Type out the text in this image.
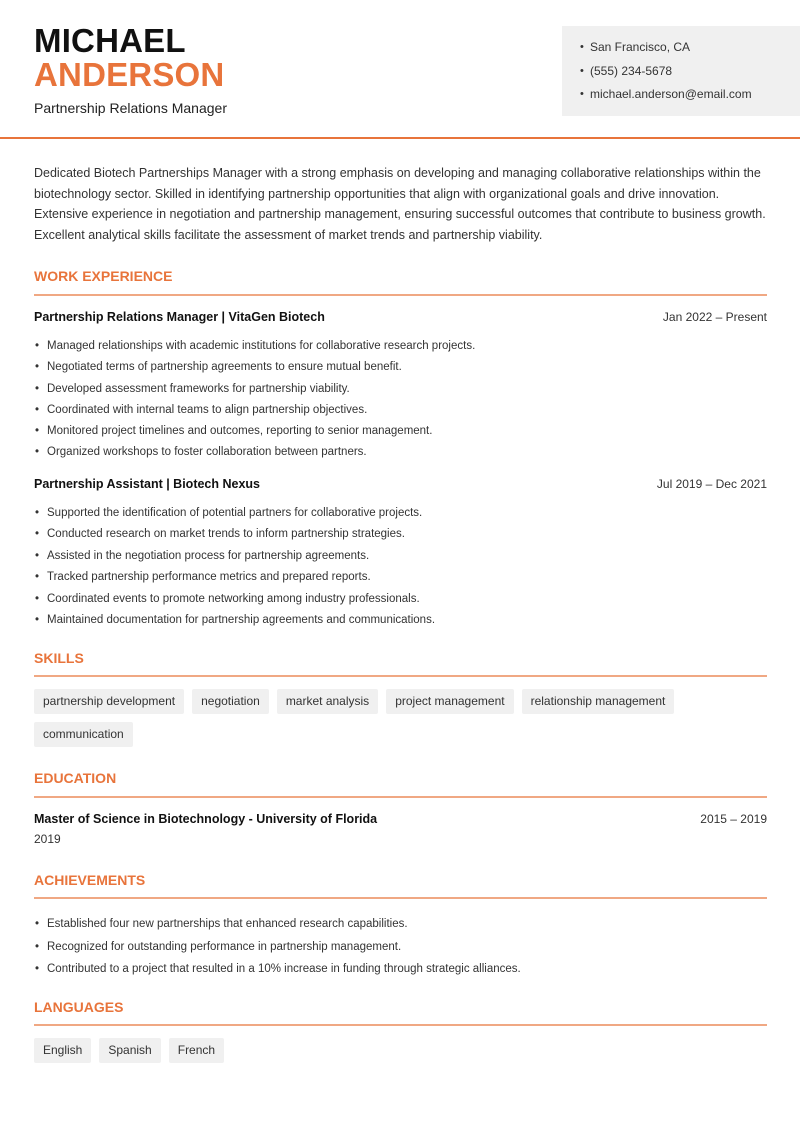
MICHAEL
ANDERSON
Partnership Relations Manager
• San Francisco, CA
• (555) 234-5678
• michael.anderson@email.com
Dedicated Biotech Partnerships Manager with a strong emphasis on developing and managing collaborative relationships within the biotechnology sector. Skilled in identifying partnership opportunities that align with organizational goals and drive innovation. Extensive experience in negotiation and partnership management, ensuring successful outcomes that contribute to business growth. Excellent analytical skills facilitate the assessment of market trends and partnership viability.
WORK EXPERIENCE
Partnership Relations Manager | VitaGen Biotech	Jan 2022 – Present
• Managed relationships with academic institutions for collaborative research projects.
• Negotiated terms of partnership agreements to ensure mutual benefit.
• Developed assessment frameworks for partnership viability.
• Coordinated with internal teams to align partnership objectives.
• Monitored project timelines and outcomes, reporting to senior management.
• Organized workshops to foster collaboration between partners.
Partnership Assistant | Biotech Nexus	Jul 2019 – Dec 2021
• Supported the identification of potential partners for collaborative projects.
• Conducted research on market trends to inform partnership strategies.
• Assisted in the negotiation process for partnership agreements.
• Tracked partnership performance metrics and prepared reports.
• Coordinated events to promote networking among industry professionals.
• Maintained documentation for partnership agreements and communications.
SKILLS
partnership development	negotiation	market analysis	project management	relationship management
communication
EDUCATION
Master of Science in Biotechnology - University of Florida	2015 – 2019
2019
ACHIEVEMENTS
• Established four new partnerships that enhanced research capabilities.
• Recognized for outstanding performance in partnership management.
• Contributed to a project that resulted in a 10% increase in funding through strategic alliances.
LANGUAGES
English	Spanish	French
